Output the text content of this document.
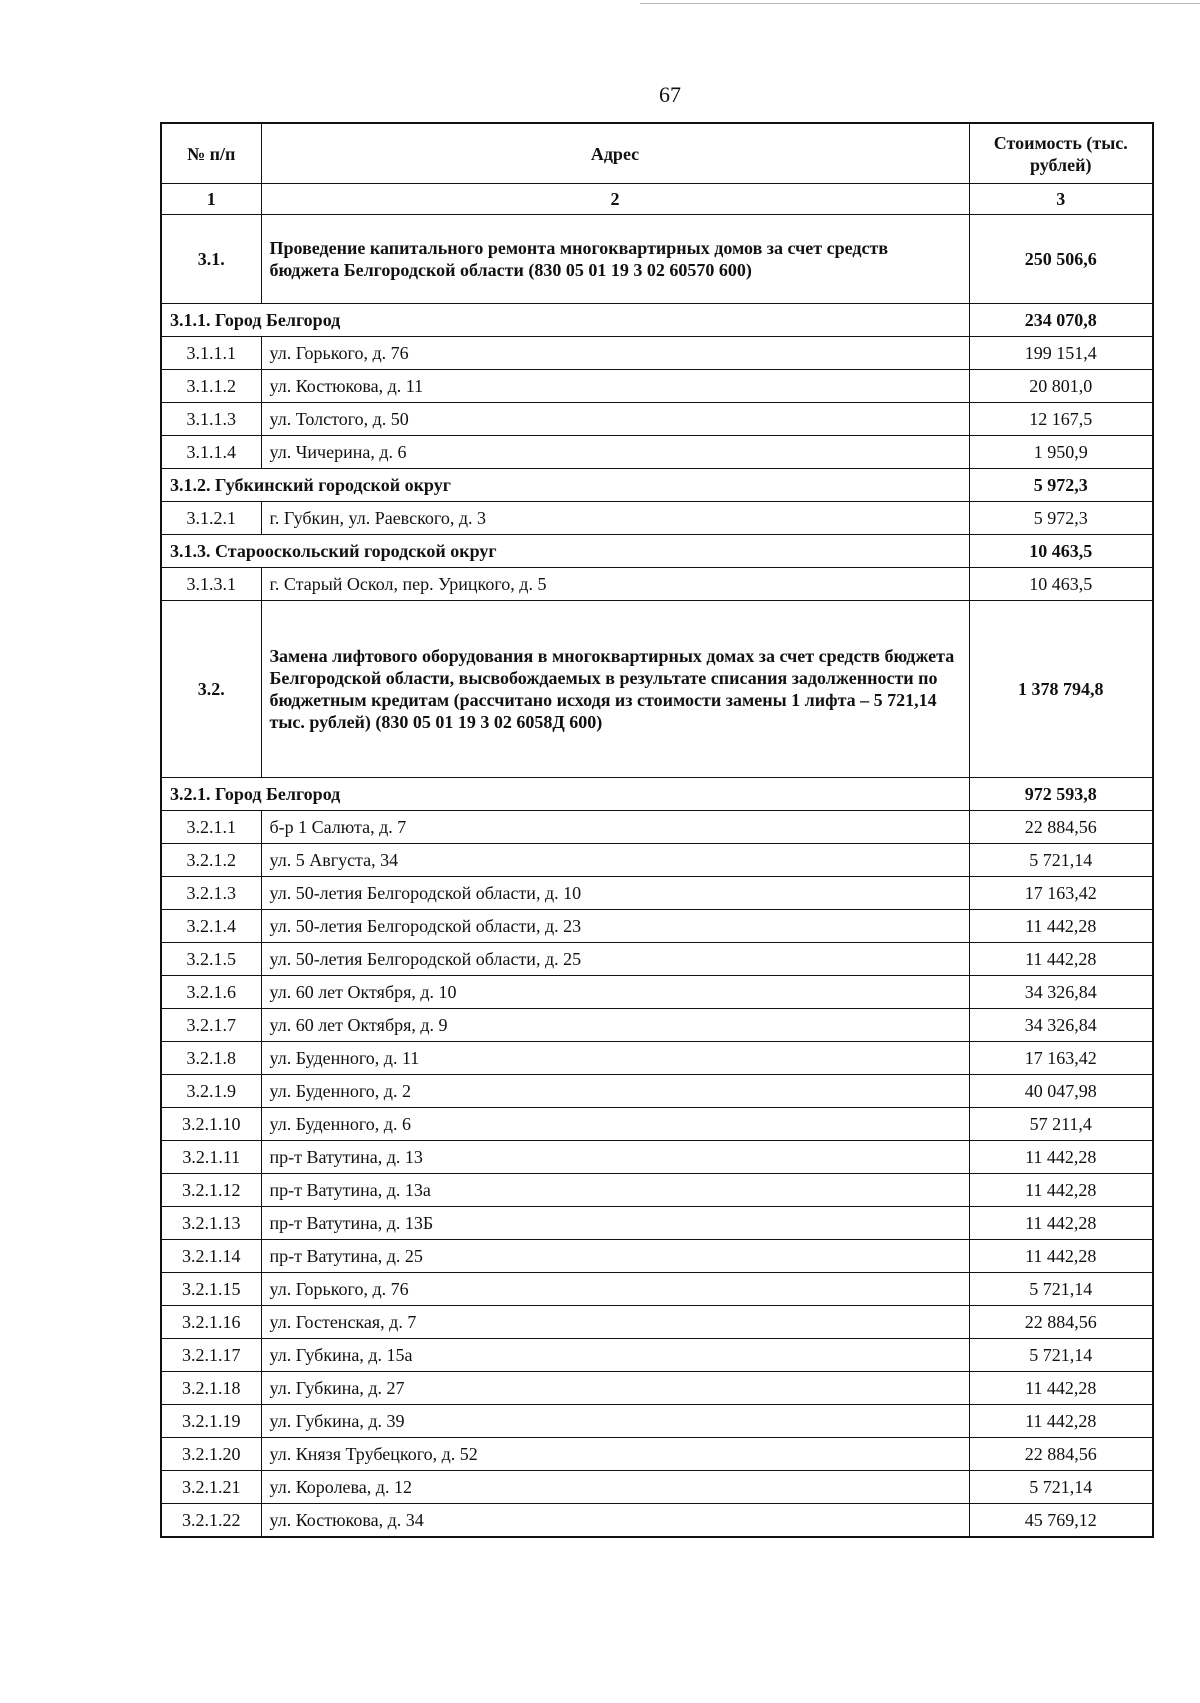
67
№ п/п	Адрес	Стоимость (тыс. рублей)
1	2	3
3.1.	Проведение капитального ремонта многоквартирных домов за счет средств бюджета Белгородской области (830 05 01 19 3 02 60570 600)	250 506,6
3.1.1. Город Белгород		234 070,8
3.1.1.1	ул. Горького, д. 76	199 151,4
3.1.1.2	ул. Костюкова, д. 11	20 801,0
3.1.1.3	ул. Толстого, д. 50	12 167,5
3.1.1.4	ул. Чичерина, д. 6	1 950,9
3.1.2. Губкинский городской округ		5 972,3
3.1.2.1	г. Губкин, ул. Раевского, д. 3	5 972,3
3.1.3. Старооскольский городской округ		10 463,5
3.1.3.1	г. Старый Оскол, пер. Урицкого, д. 5	10 463,5
3.2.	Замена лифтового оборудования в многоквартирных домах за счет средств бюджета Белгородской области, высвобождаемых в результате списания задолженности по бюджетным кредитам (рассчитано исходя из стоимости замены 1 лифта – 5 721,14 тыс. рублей) (830 05 01 19 3 02 6058Д 600)	1 378 794,8
3.2.1. Город Белгород		972 593,8
3.2.1.1	б-р 1 Салюта, д. 7	22 884,56
3.2.1.2	ул. 5 Августа, 34	5 721,14
3.2.1.3	ул. 50-летия Белгородской области, д. 10	17 163,42
3.2.1.4	ул. 50-летия Белгородской области, д. 23	11 442,28
3.2.1.5	ул. 50-летия Белгородской области, д. 25	11 442,28
3.2.1.6	ул. 60 лет Октября, д. 10	34 326,84
3.2.1.7	ул. 60 лет Октября, д. 9	34 326,84
3.2.1.8	ул. Буденного, д. 11	17 163,42
3.2.1.9	ул. Буденного, д. 2	40 047,98
3.2.1.10	ул. Буденного, д. 6	57 211,4
3.2.1.11	пр-т Ватутина, д. 13	11 442,28
3.2.1.12	пр-т Ватутина, д. 13а	11 442,28
3.2.1.13	пр-т Ватутина, д. 13Б	11 442,28
3.2.1.14	пр-т Ватутина, д. 25	11 442,28
3.2.1.15	ул. Горького, д. 76	5 721,14
3.2.1.16	ул. Гостенская, д. 7	22 884,56
3.2.1.17	ул. Губкина, д. 15а	5 721,14
3.2.1.18	ул. Губкина, д. 27	11 442,28
3.2.1.19	ул. Губкина, д. 39	11 442,28
3.2.1.20	ул. Князя Трубецкого, д. 52	22 884,56
3.2.1.21	ул. Королева, д. 12	5 721,14
3.2.1.22	ул. Костюкова, д. 34	45 769,12
